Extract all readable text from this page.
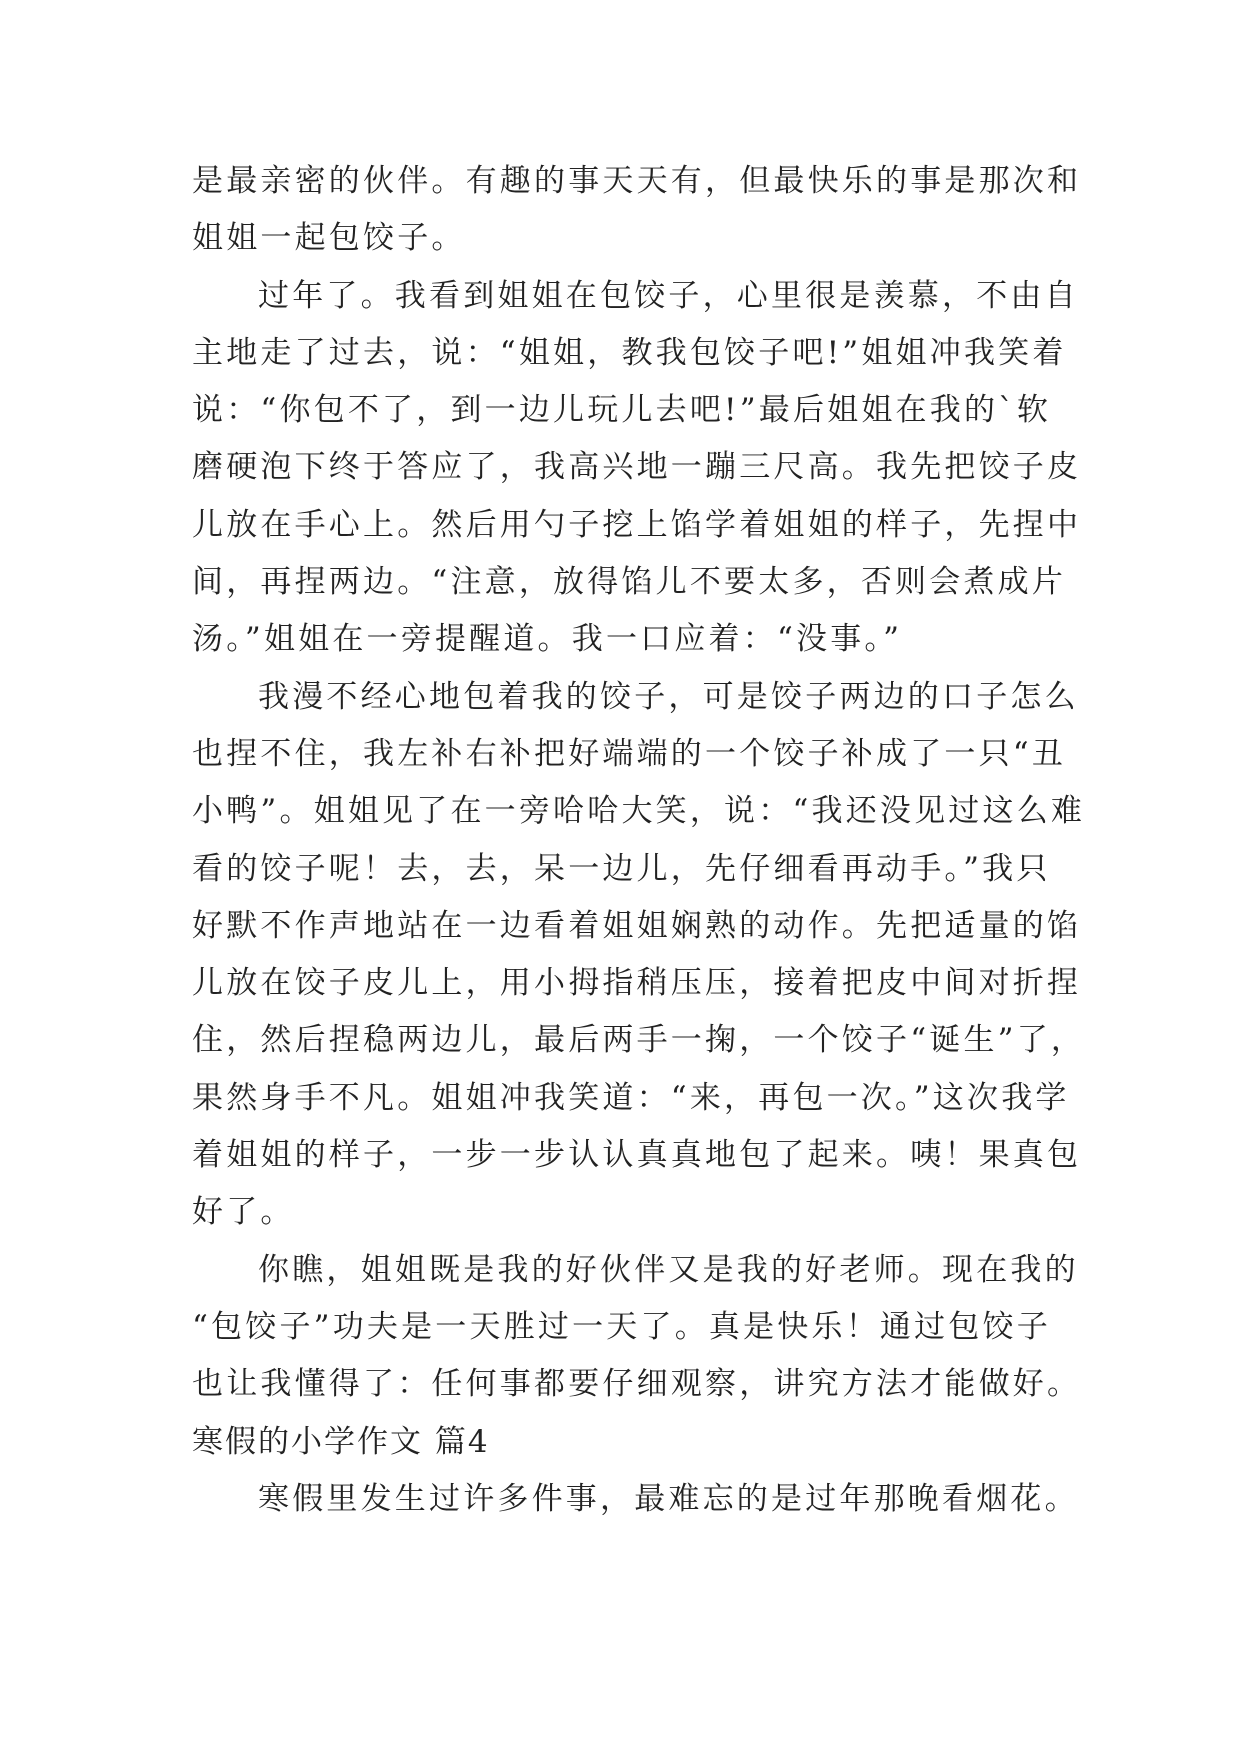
是最亲密的伙伴。有趣的事天天有，但最快乐的事是那次和
姐姐一起包饺子。
过年了。我看到姐姐在包饺子，心里很是羡慕，不由自
主地走了过去，说：“姐姐，教我包饺子吧!”姐姐冲我笑着
说：“你包不了，到一边儿玩儿去吧!”最后姐姐在我的`软
磨硬泡下终于答应了，我高兴地一蹦三尺高。我先把饺子皮
儿放在手心上。然后用勺子挖上馅学着姐姐的样子，先捏中
间，再捏两边。“注意，放得馅儿不要太多，否则会煮成片
汤。”姐姐在一旁提醒道。我一口应着：“没事。”
我漫不经心地包着我的饺子，可是饺子两边的口子怎么
也捏不住，我左补右补把好端端的一个饺子补成了一只“丑
小鸭”。姐姐见了在一旁哈哈大笑，说：“我还没见过这么难
看的饺子呢！去，去，呆一边儿，先仔细看再动手。”我只
好默不作声地站在一边看着姐姐娴熟的动作。先把适量的馅
儿放在饺子皮儿上，用小拇指稍压压，接着把皮中间对折捏
住，然后捏稳两边儿，最后两手一掬，一个饺子“诞生”了，
果然身手不凡。姐姐冲我笑道：“来，再包一次。”这次我学
着姐姐的样子，一步一步认认真真地包了起来。咦！果真包
好了。
你瞧，姐姐既是我的好伙伴又是我的好老师。现在我的
“包饺子”功夫是一天胜过一天了。真是快乐！通过包饺子
也让我懂得了：任何事都要仔细观察，讲究方法才能做好。
寒假的小学作文 篇4
寒假里发生过许多件事，最难忘的是过年那晚看烟花。
